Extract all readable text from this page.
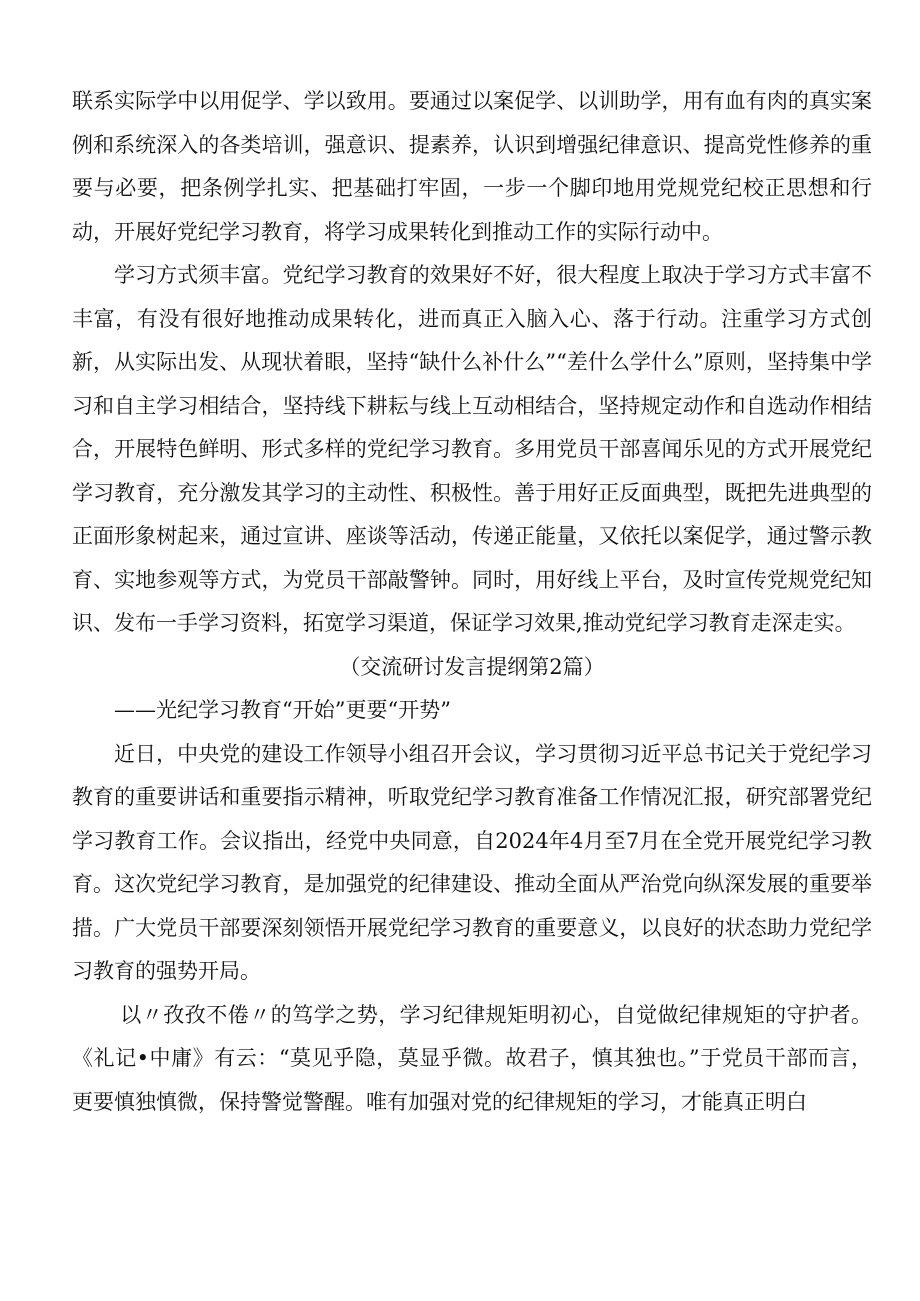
联系实际学中以用促学、学以致用。要通过以案促学、以训助学，用有血有肉的真实案例和系统深入的各类培训，强意识、提素养，认识到增强纪律意识、提高党性修养的重要与必要，把条例学扎实、把基础打牢固，一步一个脚印地用党规党纪校正思想和行动，开展好党纪学习教育，将学习成果转化到推动工作的实际行动中。

学习方式须丰富。党纪学习教育的效果好不好，很大程度上取决于学习方式丰富不丰富，有没有很好地推动成果转化，进而真正入脑入心、落于行动。注重学习方式创新，从实际出发、从现状着眼，坚持“缺什么补什么”“差什么学什么”原则，坚持集中学习和自主学习相结合，坚持线下耕耘与线上互动相结合，坚持规定动作和自选动作相结合，开展特色鲜明、形式多样的党纪学习教育。多用党员干部喜闻乐见的方式开展党纪学习教育，充分激发其学习的主动性、积极性。善于用好正反面典型，既把先进典型的正面形象树起来，通过宣讲、座谈等活动，传递正能量，又依托以案促学，通过警示教育、实地参观等方式，为党员干部敲警钟。同时，用好线上平台，及时宣传党规党纪知识、发布一手学习资料，拓宽学习渠道，保证学习效果,推动党纪学习教育走深走实。

（交流研讨发言提纲第2篇）

——光纪学习教育“开始”更要“开势”

近日，中央党的建设工作领导小组召开会议，学习贯彻习近平总书记关于党纪学习教育的重要讲话和重要指示精神，听取党纪学习教育准备工作情况汇报，研究部署党纪学习教育工作。会议指出，经党中央同意，自2024年4月至7月在全党开展党纪学习教育。这次党纪学习教育，是加强党的纪律建设、推动全面从严治党向纵深发展的重要举措。广大党员干部要深刻领悟开展党纪学习教育的重要意义，以良好的状态助力党纪学习教育的强势开局。

以〃孜孜不倦〃的笃学之势，学习纪律规矩明初心，自觉做纪律规矩的守护者。《礼记•中庸》有云：“莫见乎隐，莫显乎微。故君子，慎其独也。”于党员干部而言，更要慎独慎微，保持警觉警醒。唯有加强对党的纪律规矩的学习，才能真正明白
